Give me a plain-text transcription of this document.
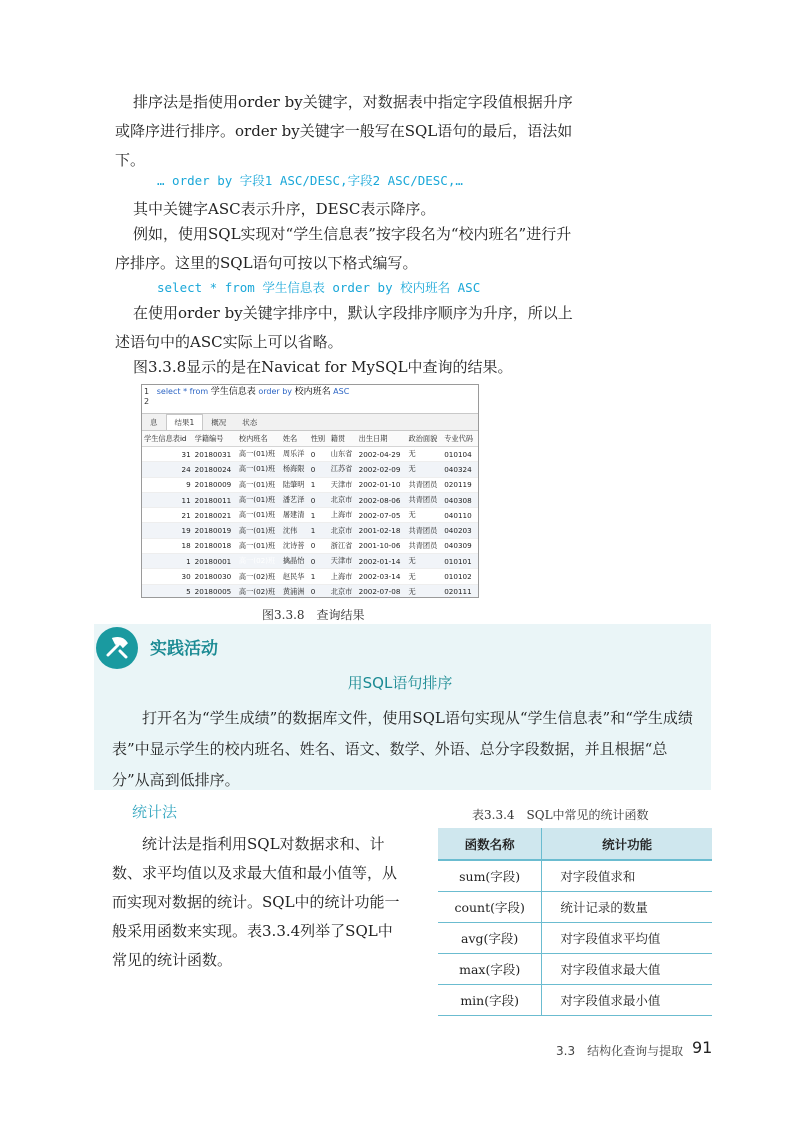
排序法是指使用order by关键字，对数据表中指定字段值根据升序或降序进行排序。order by关键字一般写在SQL语句的最后，语法如下。

… order by 字段1 ASC/DESC,字段2 ASC/DESC,…

其中关键字ASC表示升序，DESC表示降序。

例如，使用SQL实现对“学生信息表”按字段名为“校内班名”进行升序排序。这里的SQL语句可按以下格式编写。

select * from 学生信息表 order by 校内班名 ASC

在使用order by关键字排序中，默认字段排序顺序为升序，所以上述语句中的ASC实际上可以省略。

图3.3.8显示的是在Navicat for MySQL中查询的结果。

1 select * from 学生信息表 order by 校内班名 ASC
2
息	结果1	概况	状态
学生信息表id	学籍编号	校内班名	姓名	性别	籍贯	出生日期	政治面貌	专业代码
31	20180031	高一(01)班	周乐洋	0	山东省	2002-04-29	无	010104
24	20180024	高一(01)班	杨海限	0	江苏省	2002-02-09	无	040324
9	20180009	高一(01)班	陆肇明	1	天津市	2002-01-10	共青团员	020119
11	20180011	高一(01)班	潘艺泽	0	北京市	2002-08-06	共青团员	040308
21	20180021	高一(01)班	屠建清	1	上海市	2002-07-05	无	040110
19	20180019	高一(01)班	沈伟	1	北京市	2001-02-18	共青团员	040203
18	20180018	高一(01)班	沈诗菩	0	浙江省	2001-10-06	共青团员	040309
1	20180001	高一(02)班	擒晶怡	0	天津市	2002-01-14	无	010101
30	20180030	高一(02)班	赵民华	1	上海市	2002-03-14	无	010102
5	20180005	高一(02)班	黄浦洲	0	北京市	2002-07-08	无	020111
图3.3.8　查询结果
实践活动
用SQL语句排序

打开名为“学生成绩”的数据库文件，使用SQL语句实现从“学生信息表”和“学生成绩表”中显示学生的校内班名、姓名、语文、数学、外语、总分字段数据，并且根据“总分”从高到低排序。

统计法

统计法是指利用SQL对数据求和、计数、求平均值以及求最大值和最小值等，从而实现对数据的统计。SQL中的统计功能一般采用函数来实现。表3.3.4列举了SQL中常见的统计函数。

表3.3.4　SQL中常见的统计函数
函数名称	统计功能
sum(字段)	对字段值求和
count(字段)	统计记录的数量
avg(字段)	对字段值求平均值
max(字段)	对字段值求最大值
min(字段)	对字段值求最小值
3.3　结构化查询与提取 91
